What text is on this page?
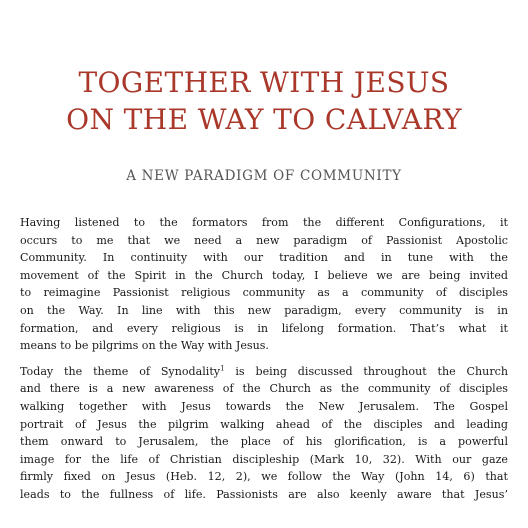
TOGETHER WITH JESUS
ON THE WAY TO CALVARY
A NEW PARADIGM OF COMMUNITY

Having listened to the formators from the different Configurations, it
occurs to me that we need a new paradigm of Passionist Apostolic
Community. In continuity with our tradition and in tune with the
movement of the Spirit in the Church today, I believe we are being invited
to reimagine Passionist religious community as a community of disciples
on the Way. In line with this new paradigm, every community is in
formation, and every religious is in lifelong formation. That’s what it
means to be pilgrims on the Way with Jesus.

Today the theme of Synodality$^1$ is being discussed throughout the Church
and there is a new awareness of the Church as the community of disciples
walking together with Jesus towards the New Jerusalem. The Gospel
portrait of Jesus the pilgrim walking ahead of the disciples and leading
them onward to Jerusalem, the place of his glorification, is a powerful
image for the life of Christian discipleship (Mark 10, 32). With our gaze
firmly fixed on Jesus (Heb. 12, 2), we follow the Way (John 14, 6) that
leads to the fullness of life. Passionists are also keenly aware that Jesus’
